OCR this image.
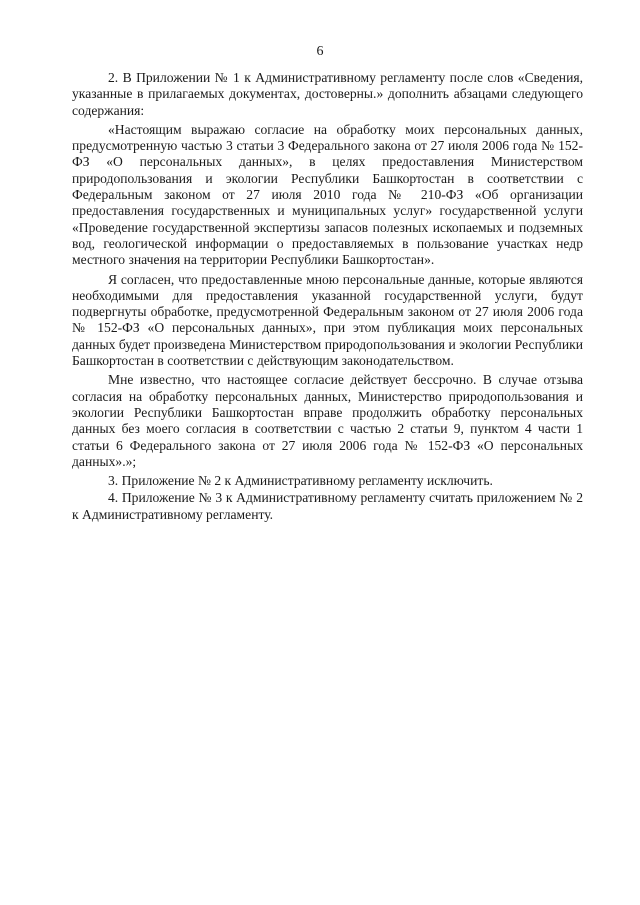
6

2. В Приложении № 1 к Административному регламенту после слов «Сведения, указанные в прилагаемых документах, достоверны.» дополнить абзацами следующего содержания:

«Настоящим выражаю согласие на обработку моих персональных данных, предусмотренную частью 3 статьи 3 Федерального закона от 27 июля 2006 года № 152-ФЗ «О персональных данных», в целях предоставления Министерством природопользования и экологии Республики Башкортостан в соответствии с Федеральным законом от 27 июля 2010 года № 210-ФЗ «Об организации предоставления государственных и муниципальных услуг» государственной услуги «Проведение государственной экспертизы запасов полезных ископаемых и подземных вод, геологической информации о предоставляемых в пользование участках недр местного значения на территории Республики Башкортостан».

Я согласен, что предоставленные мною персональные данные, которые являются необходимыми для предоставления указанной государственной услуги, будут подвергнуты обработке, предусмотренной Федеральным законом от 27 июля 2006 года № 152-ФЗ «О персональных данных», при этом публикация моих персональных данных будет произведена Министерством природопользования и экологии Республики Башкортостан в соответствии с действующим законодательством.

Мне известно, что настоящее согласие действует бессрочно. В случае отзыва согласия на обработку персональных данных, Министерство природопользования и экологии Республики Башкортостан вправе продолжить обработку персональных данных без моего согласия в соответствии с частью 2 статьи 9, пунктом 4 части 1 статьи 6 Федерального закона от 27 июля 2006 года № 152-ФЗ «О персональных данных».»;

3. Приложение № 2 к Административному регламенту исключить.

4. Приложение № 3 к Административному регламенту считать приложением № 2 к Административному регламенту.
